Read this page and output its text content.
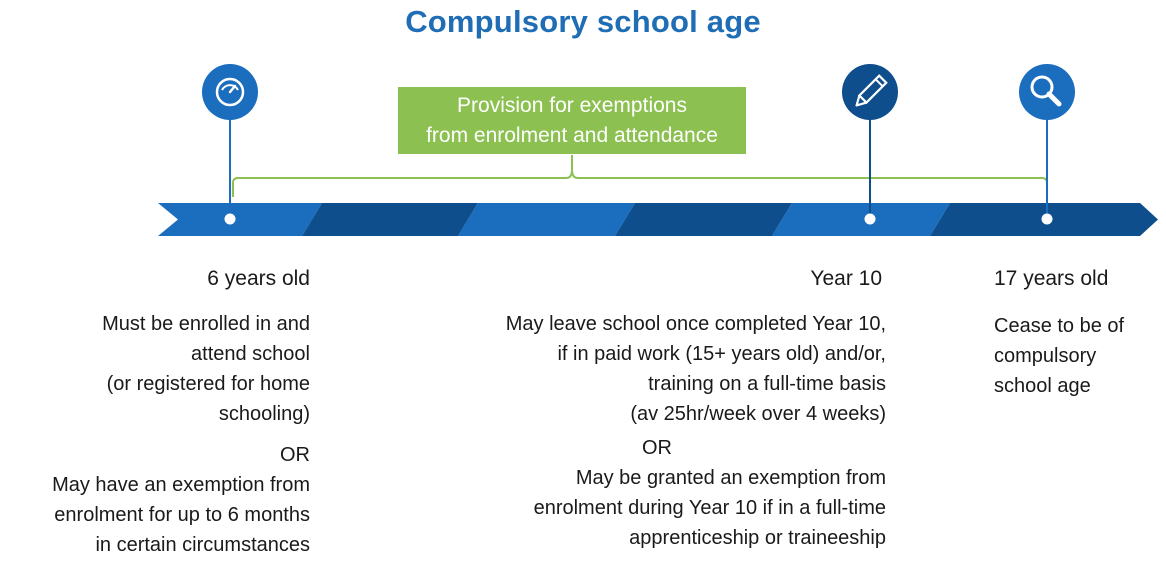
Compulsory school age
Provision for exemptions
from enrolment and attendance
6 years old
Must be enrolled in and
attend school
(or registered for home
schooling)
OR
May have an exemption from
enrolment for up to 6 months
in certain circumstances
Year 10
May leave school once completed Year 10,
if in paid work (15+ years old) and/or,
training on a full-time basis
(av 25hr/week over 4 weeks)
OR
May be granted an exemption from
enrolment during Year 10 if in a full-time
apprenticeship or traineeship
17 years old
Cease to be of
compulsory
school age
